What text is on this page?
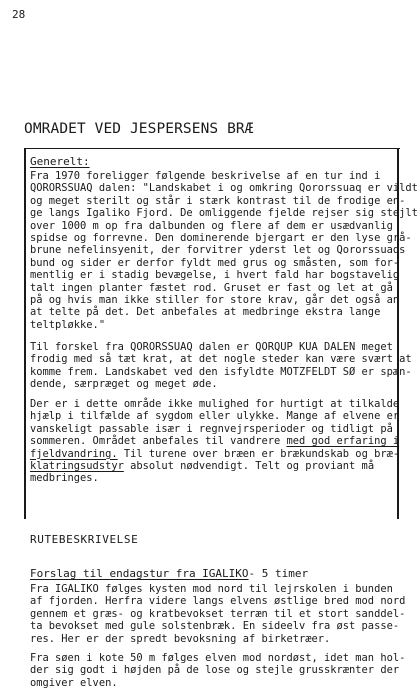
28
OMRADET VED JESPERSENS BRÆ
Generelt:
Fra 1970 foreligger følgende beskrivelse af en tur ind i
QORORSSUAQ dalen: "Landskabet i og omkring Qororssuaq er vildt
og meget sterilt og står i stærk kontrast til de frodige en-
ge langs Igaliko Fjord. De omliggende fjelde rejser sig stejlt
over 1000 m op fra dalbunden og flere af dem er usædvanlig
spidse og forrevne. Den dominerende bjergart er den lyse grå-
brune nefelinsyenit, der forvitrer yderst let og Qororssuaqs
bund og sider er derfor fyldt med grus og småsten, som for-
mentlig er i stadig bevægelse, i hvert fald har bogstavelig
talt ingen planter fæstet rod. Gruset er fast og let at gå
på og hvis man ikke stiller for store krav, går det også an
at telte på det. Det anbefales at medbringe ekstra lange
teltpløkke."
Til forskel fra QORORSSUAQ dalen er QORQUP KUA DALEN meget
frodig med så tæt krat, at det nogle steder kan være svært at
komme frem. Landskabet ved den isfyldte MOTZFELDT SØ er spæn-
dende, særpræget og meget øde.
Der er i dette område ikke mulighed for hurtigt at tilkalde
hjælp i tilfælde af sygdom eller ulykke. Mange af elvene er
vanskeligt passable især i regnvejrsperioder og tidligt på
sommeren. Området anbefales til vandrere med god erfaring i
fjeldvandring. Til turene over bræen er brækundskab og bræ-
klatringsudstyr absolut nødvendigt. Telt og proviant må
medbringes.
RUTEBESKRIVELSE
Forslag til endagstur fra IGALIKO- 5 timer
Fra IGALIKO følges kysten mod nord til lejrskolen i bunden
af fjorden. Herfra videre langs elvens østlige bred mod nord
gennem et græs- og kratbevokset terræn til et stort sanddel-
ta bevokset med gule solstenbræk. En sideelv fra øst passe-
res. Her er der spredt bevoksning af birketræer.
Fra søen i kote 50 m følges elven mod nordøst, idet man hol-
der sig godt i højden på de lose og stejle grusskrænter der
omgiver elven.
